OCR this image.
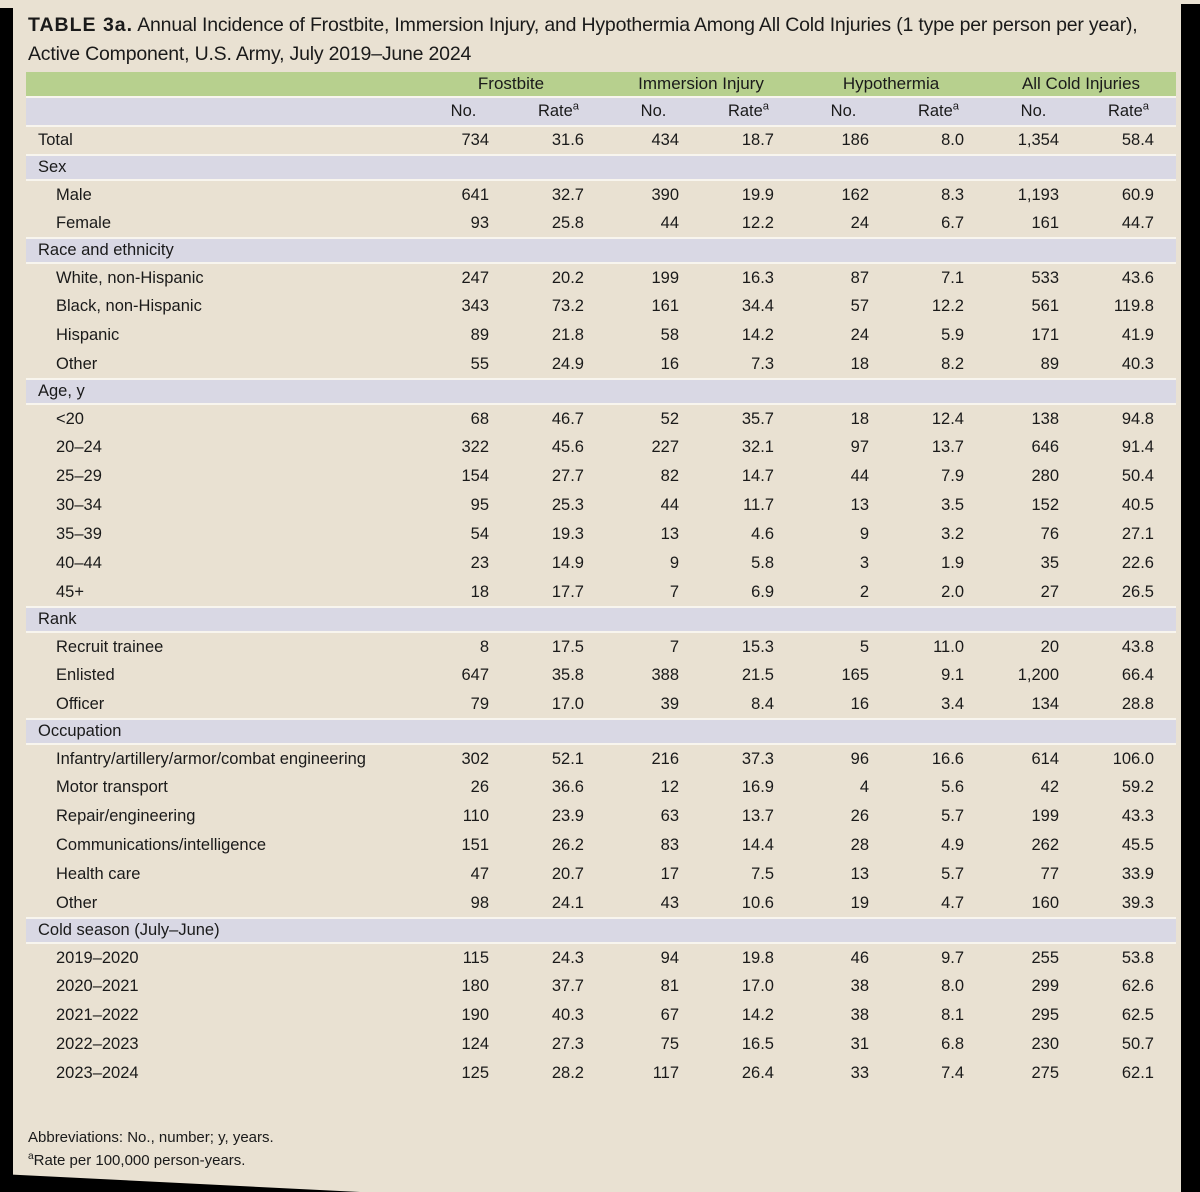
TABLE 3a. Annual Incidence of Frostbite, Immersion Injury, and Hypothermia Among All Cold Injuries (1 type per person per year),
Active Component, U.S. Army, July 2019–June 2024
	Frostbite		Immersion Injury		Hypothermia		All Cold Injuries	
	No.	Rate$^a$	No.	Rate$^a$	No.	Rate$^a$	No.	Rate$^a$
Total	734	31.6	434	18.7	186	8.0	1,354	58.4
Sex								
Male	641	32.7	390	19.9	162	8.3	1,193	60.9
Female	93	25.8	44	12.2	24	6.7	161	44.7
Race and ethnicity								
White, non-Hispanic	247	20.2	199	16.3	87	7.1	533	43.6
Black, non-Hispanic	343	73.2	161	34.4	57	12.2	561	119.8
Hispanic	89	21.8	58	14.2	24	5.9	171	41.9
Other	55	24.9	16	7.3	18	8.2	89	40.3
Age, y								
<20	68	46.7	52	35.7	18	12.4	138	94.8
20–24	322	45.6	227	32.1	97	13.7	646	91.4
25–29	154	27.7	82	14.7	44	7.9	280	50.4
30–34	95	25.3	44	11.7	13	3.5	152	40.5
35–39	54	19.3	13	4.6	9	3.2	76	27.1
40–44	23	14.9	9	5.8	3	1.9	35	22.6
45+	18	17.7	7	6.9	2	2.0	27	26.5
Rank								
Recruit trainee	8	17.5	7	15.3	5	11.0	20	43.8
Enlisted	647	35.8	388	21.5	165	9.1	1,200	66.4
Officer	79	17.0	39	8.4	16	3.4	134	28.8
Occupation								
Infantry/artillery/armor/combat engineering	302	52.1	216	37.3	96	16.6	614	106.0
Motor transport	26	36.6	12	16.9	4	5.6	42	59.2
Repair/engineering	110	23.9	63	13.7	26	5.7	199	43.3
Communications/intelligence	151	26.2	83	14.4	28	4.9	262	45.5
Health care	47	20.7	17	7.5	13	5.7	77	33.9
Other	98	24.1	43	10.6	19	4.7	160	39.3
Cold season (July–June)								
2019–2020	115	24.3	94	19.8	46	9.7	255	53.8
2020–2021	180	37.7	81	17.0	38	8.0	299	62.6
2021–2022	190	40.3	67	14.2	38	8.1	295	62.5
2022–2023	124	27.3	75	16.5	31	6.8	230	50.7
2023–2024	125	28.2	117	26.4	33	7.4	275	62.1
Abbreviations: No., number; y, years.
$^a$Rate per 100,000 person-years.
